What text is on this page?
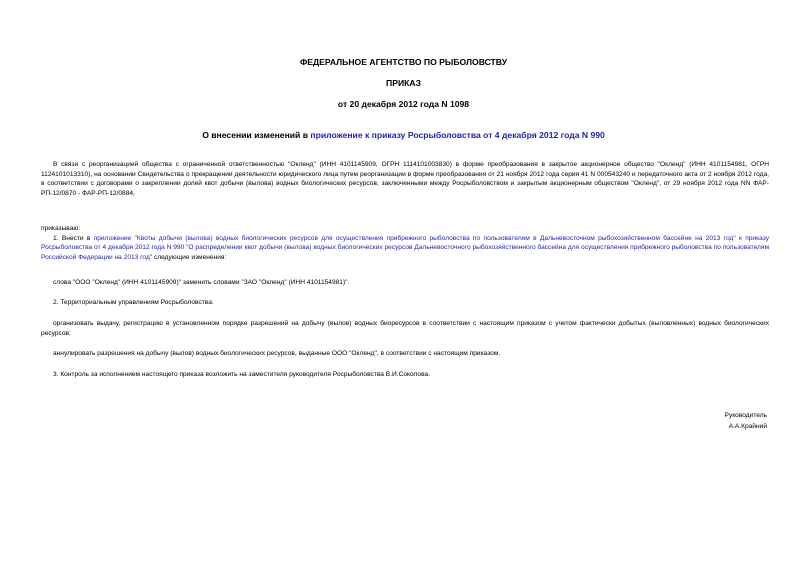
ФЕДЕРАЛЬНОЕ АГЕНТСТВО ПО РЫБОЛОВСТВУ
ПРИКАЗ
от 20 декабря 2012 года N 1098
О внесении изменений в приложение к приказу Росрыболовства от 4 декабря 2012 года N 990

В связи с реорганизацией общества с ограниченной ответственностью "Окленд" (ИНН 4101145909, ОГРН 1114101003830) в форме преобразования в закрытое акционерное общество "Окленд" (ИНН 4101154981, ОГРН 1124101013310), на основании Свидетельства о прекращении деятельности юридического лица путем реорганизации в форме преобразования от 21 ноября 2012 года серия 41 N 000543240 и передаточного акта от 2 ноября 2012 года, в соответствии с договорами о закреплении долей квот добычи (вылова) водных биологических ресурсов, заключенными между Росрыболовством и закрытым акционерным обществом "Окленд", от 29 ноября 2012 года NN ФАР-РП-12/0870 - ФАР-РП-12/0884,

приказываю:

1. Внести в приложение "Квоты добычи (вылова) водных биологических ресурсов для осуществления прибрежного рыболовства по пользователям в Дальневосточном рыбохозяйственном бассейне на 2013 год" к приказу Росрыболовства от 4 декабря 2012 года N 990 "О распределении квот добычи (вылова) водных биологических ресурсов Дальневосточного рыбохозяйственного бассейна для осуществления прибрежного рыболовства по пользователям Российской Федерации на 2013 год" следующие изменения:

слова "ООО "Окленд" (ИНН 4101145909)" заменить словами "ЗАО "Окленд" (ИНН 4101154981)".

2. Территориальным управлениям Росрыболовства:

организовать выдачу, регистрацию в установленном порядке разрешений на добычу (вылов) водных биоресурсов в соответствии с настоящим приказом с учетом фактически добытых (выловленных) водных биологических ресурсов;

аннулировать разрешения на добычу (вылов) водных биологических ресурсов, выданные ООО "Окленд", в соответствии с настоящим приказом.

3. Контроль за исполнением настоящего приказа возложить на заместителя руководителя Росрыболовства В.И.Соколова.

Руководитель
А.А.Крайний
